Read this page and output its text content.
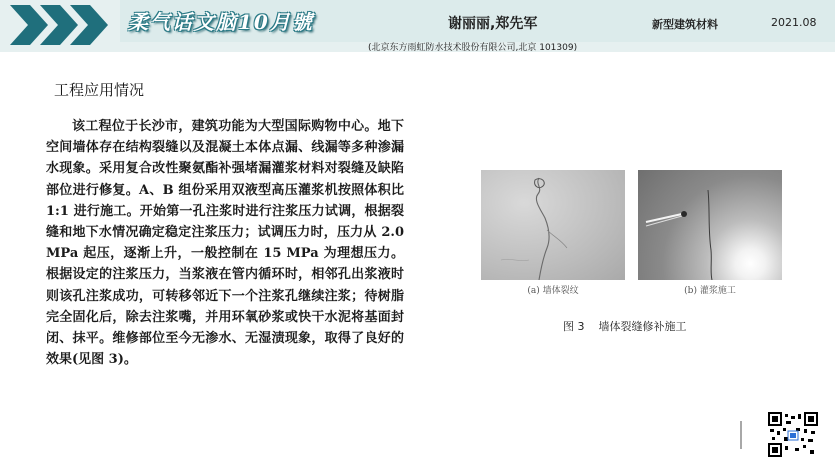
柔气话文脑10月號	谢丽丽,郑先军
(北京东方雨虹防水技术股份有限公司,北京 101309)
新型建筑材料	2021.08
工程应用情况

该工程位于长沙市，建筑功能为大型国际购物中心。地下空间墙体存在结构裂缝以及混凝土本体点漏、线漏等多种渗漏水现象。采用复合改性聚氨酯补强堵漏灌浆材料对裂缝及缺陷部位进行修复。A、B 组份采用双液型高压灌浆机按照体积比 1:1 进行施工。开始第一孔注浆时进行注浆压力试调，根据裂缝和地下水情况确定稳定注浆压力；试调压力时，压力从 2.0 MPa 起压，逐渐上升，一般控制在 15 MPa 为理想压力。根据设定的注浆压力，当浆液在管内循环时，相邻孔出浆液时则该孔注浆成功，可转移邻近下一个注浆孔继续注浆；待树脂完全固化后，除去注浆嘴，并用环氧砂浆或快干水泥将基面封闭、抹平。维修部位至今无渗水、无湿渍现象，取得了良好的效果(见图 3)。

(a) 墙体裂纹	(b) 灌浆施工
图 3 墙体裂缝修补施工
